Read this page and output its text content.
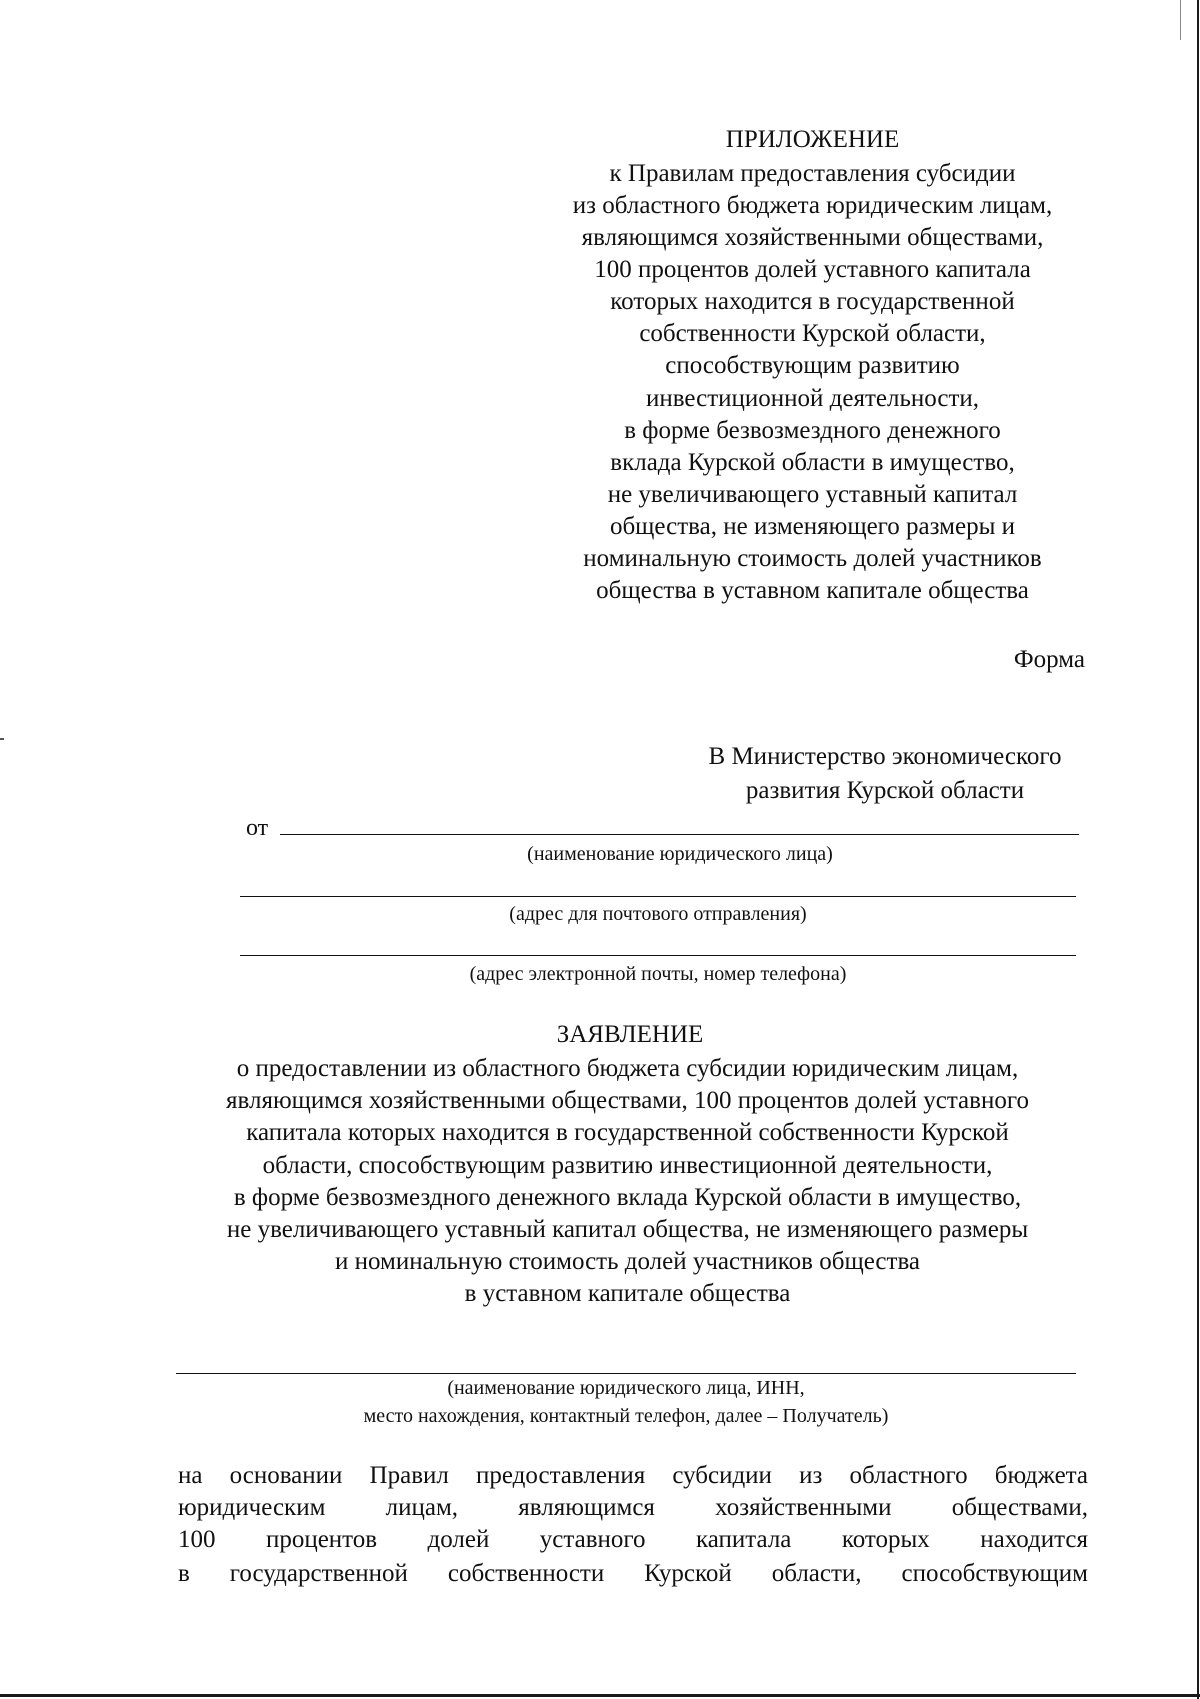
ПРИЛОЖЕНИЕ
к Правилам предоставления субсидии
из областного бюджета юридическим лицам,
являющимся хозяйственными обществами,
100 процентов долей уставного капитала
которых находится в государственной
собственности Курской области,
способствующим развитию
инвестиционной деятельности,
в форме безвозмездного денежного
вклада Курской области в имущество,
не увеличивающего уставный капитал
общества, не изменяющего размеры и
номинальную стоимость долей участников
общества в уставном капитале общества
Форма
В Министерство экономического
развития Курской области
от
(наименование юридического лица)
(адрес для почтового отправления)
(адрес электронной почты, номер телефона)
ЗАЯВЛЕНИЕ
о предоставлении из областного бюджета субсидии юридическим лицам,
являющимся хозяйственными обществами, 100 процентов долей уставного
капитала которых находится в государственной собственности Курской
области, способствующим развитию инвестиционной деятельности,
в форме безвозмездного денежного вклада Курской области в имущество,
не увеличивающего уставный капитал общества, не изменяющего размеры
и номинальную стоимость долей участников общества
в уставном капитале общества
(наименование юридического лица, ИНН,
место нахождения, контактный телефон, далее – Получатель)
на основании Правил предоставления субсидии из областного бюджета
юридическим лицам, являющимся хозяйственными обществами,
100 процентов долей уставного капитала которых находится
в государственной собственности Курской области, способствующим
